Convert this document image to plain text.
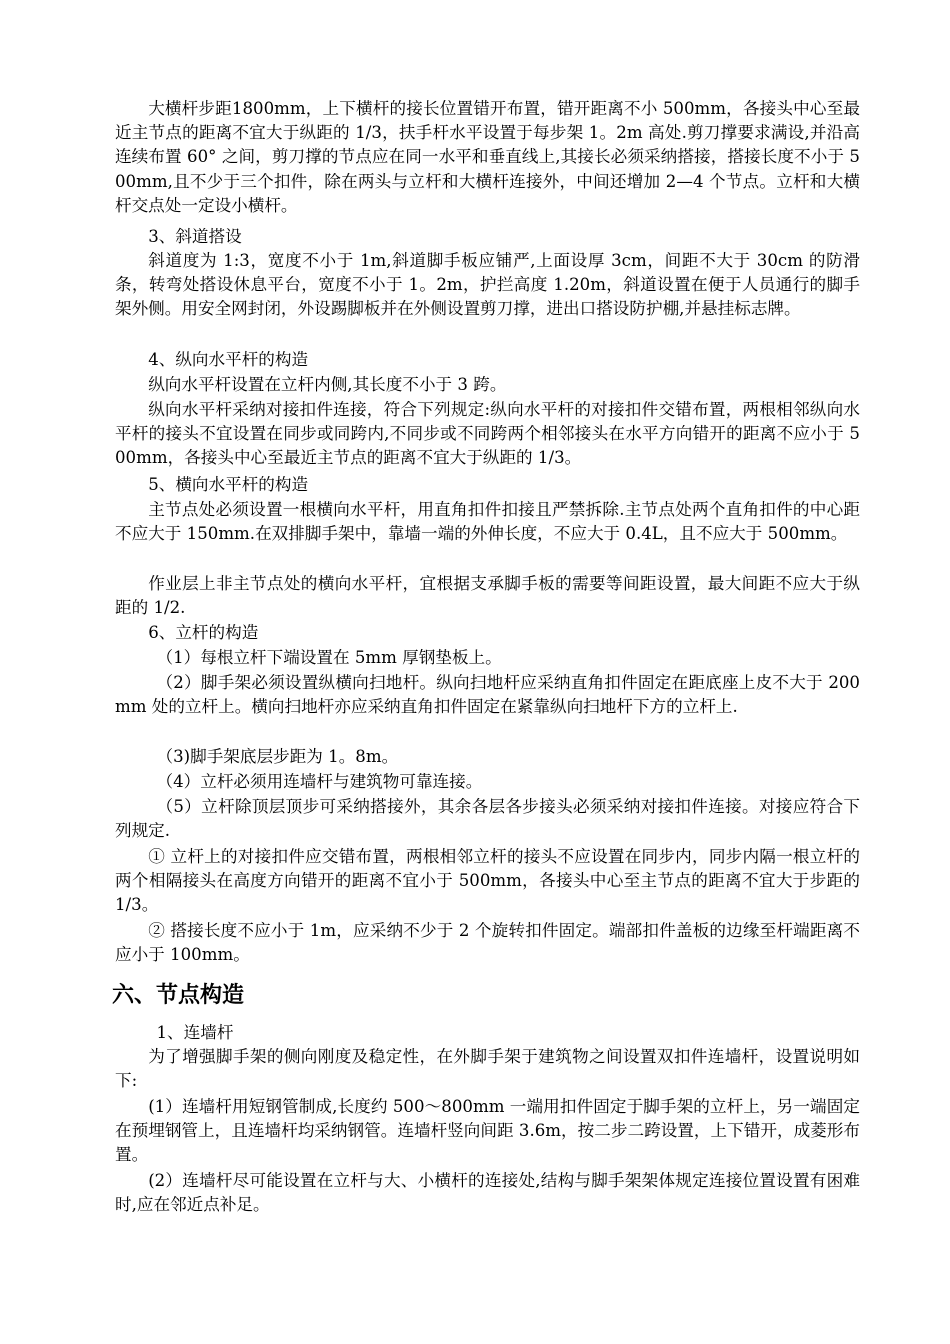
大横杆步距1800mm，上下横杆的接长位置错开布置，错开距离不小 500mm，各接头中心至最近主节点的距离不宜大于纵距的 1/3，扶手杆水平设置于每步架 1。2m 高处.剪刀撑要求满设,并沿高连续布置 60° 之间，剪刀撑的节点应在同一水平和垂直线上,其接长必须采纳搭接，搭接长度不小于 500mm,且不少于三个扣件，除在两头与立杆和大横杆连接外，中间还增加 2—4 个节点。立杆和大横杆交点处一定设小横杆。

3、斜道搭设

斜道度为 1:3，宽度不小于 1m,斜道脚手板应铺严,上面设厚 3cm，间距不大于 30cm 的防滑条，转弯处搭设休息平台，宽度不小于 1。2m，护拦高度 1.20m，斜道设置在便于人员通行的脚手架外侧。用安全网封闭，外设踢脚板并在外侧设置剪刀撑，进出口搭设防护棚,并悬挂标志牌。

4、纵向水平杆的构造

纵向水平杆设置在立杆内侧,其长度不小于 3 跨。

纵向水平杆采纳对接扣件连接，符合下列规定:纵向水平杆的对接扣件交错布置，两根相邻纵向水平杆的接头不宜设置在同步或同跨内,不同步或不同跨两个相邻接头在水平方向错开的距离不应小于 500mm，各接头中心至最近主节点的距离不宜大于纵距的 1/3。

5、横向水平杆的构造

主节点处必须设置一根横向水平杆，用直角扣件扣接且严禁拆除.主节点处两个直角扣件的中心距不应大于 150mm.在双排脚手架中，靠墙一端的外伸长度，不应大于 0.4L，且不应大于 500mm。

作业层上非主节点处的横向水平杆，宜根据支承脚手板的需要等间距设置，最大间距不应大于纵距的 1/2.

6、立杆的构造

（1）每根立杆下端设置在 5mm 厚钢垫板上。

（2）脚手架必须设置纵横向扫地杆。纵向扫地杆应采纳直角扣件固定在距底座上皮不大于 200mm 处的立杆上。横向扫地杆亦应采纳直角扣件固定在紧靠纵向扫地杆下方的立杆上.

（3)脚手架底层步距为 1。8m。

（4）立杆必须用连墙杆与建筑物可靠连接。

（5）立杆除顶层顶步可采纳搭接外，其余各层各步接头必须采纳对接扣件连接。对接应符合下列规定.

① 立杆上的对接扣件应交错布置，两根相邻立杆的接头不应设置在同步内，同步内隔一根立杆的两个相隔接头在高度方向错开的距离不宜小于 500mm，各接头中心至主节点的距离不宜大于步距的 1/3。

② 搭接长度不应小于 1m，应采纳不少于 2 个旋转扣件固定。端部扣件盖板的边缘至杆端距离不应小于 100mm。

六、节点构造

1、连墙杆

为了增强脚手架的侧向刚度及稳定性，在外脚手架于建筑物之间设置双扣件连墙杆，设置说明如下:

(1）连墙杆用短钢管制成,长度约 500～800mm 一端用扣件固定于脚手架的立杆上，另一端固定在预埋钢管上，且连墙杆均采纳钢管。连墙杆竖向间距 3.6m，按二步二跨设置，上下错开，成菱形布置。

(2）连墙杆尽可能设置在立杆与大、小横杆的连接处,结构与脚手架架体规定连接位置设置有困难时,应在邻近点补足。
